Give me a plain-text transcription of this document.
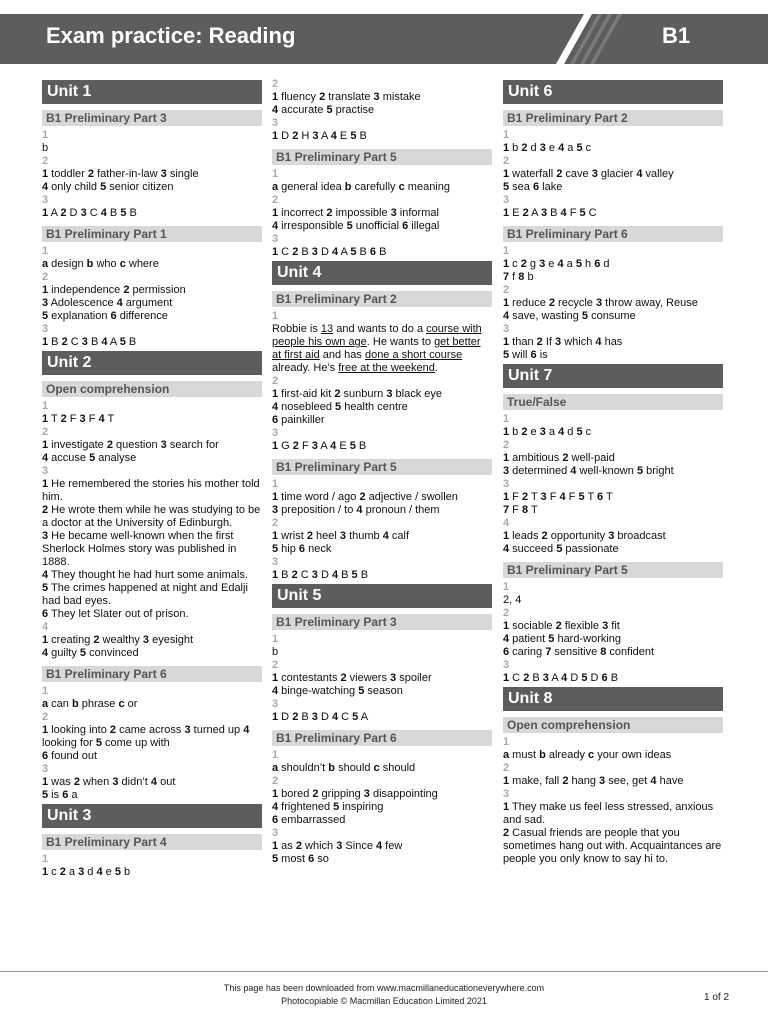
Exam practice: Reading	B1
Unit 1
B1 Preliminary Part 3
1
b
2
1 toddler 2 father-in-law 3 single
4 only child 5 senior citizen
3
1 A 2 D 3 C 4 B 5 B
B1 Preliminary Part 1
1
a design b who c where
2
1 independence 2 permission
3 Adolescence 4 argument
5 explanation 6 difference
3
1 B 2 C 3 B 4 A 5 B
Unit 2
Open comprehension
1
1 T 2 F 3 F 4 T
2
1 investigate 2 question 3 search for
4 accuse 5 analyse
3
1 He remembered the stories his mother told him.
2 He wrote them while he was studying to be a doctor at the University of Edinburgh.
3 He became well-known when the first Sherlock Holmes story was published in 1888.
4 They thought he had hurt some animals.
5 The crimes happened at night and Edalji had bad eyes.
6 They let Slater out of prison.
4
1 creating 2 wealthy 3 eyesight
4 guilty 5 convinced
B1 Preliminary Part 6
1
a can b phrase c or
2
1 looking into 2 came across 3 turned up 4 looking for 5 come up with
6 found out
3
1 was 2 when 3 didn’t 4 out
5 is 6 a
Unit 3
B1 Preliminary Part 4
1
1 c 2 a 3 d 4 e 5 b
2
1 fluency 2 translate 3 mistake
4 accurate 5 practise
3
1 D 2 H 3 A 4 E 5 B
B1 Preliminary Part 5
1
a general idea b carefully c meaning
2
1 incorrect 2 impossible 3 informal
4 irresponsible 5 unofficial 6 illegal
3
1 C 2 B 3 D 4 A 5 B 6 B
Unit 4
B1 Preliminary Part 2
1
Robbie is 13 and wants to do a course with people his own age. He wants to get better at first aid and has done a short course already. He’s free at the weekend.
2
1 first-aid kit 2 sunburn 3 black eye
4 nosebleed 5 health centre
6 painkiller
3
1 G 2 F 3 A 4 E 5 B
B1 Preliminary Part 5
1
1 time word / ago 2 adjective / swollen
3 preposition / to 4 pronoun / them
2
1 wrist 2 heel 3 thumb 4 calf
5 hip 6 neck
3
1 B 2 C 3 D 4 B 5 B
Unit 5
B1 Preliminary Part 3
1
b
2
1 contestants 2 viewers 3 spoiler
4 binge-watching 5 season
3
1 D 2 B 3 D 4 C 5 A
B1 Preliminary Part 6
1
a shouldn’t b should c should
2
1 bored 2 gripping 3 disappointing
4 frightened 5 inspiring
6 embarrassed
3
1 as 2 which 3 Since 4 few
5 most 6 so
Unit 6
B1 Preliminary Part 2
1
1 b 2 d 3 e 4 a 5 c
2
1 waterfall 2 cave 3 glacier 4 valley
5 sea 6 lake
3
1 E 2 A 3 B 4 F 5 C
B1 Preliminary Part 6
1
1 c 2 g 3 e 4 a 5 h 6 d
7 f 8 b
2
1 reduce 2 recycle 3 throw away, Reuse
4 save, wasting 5 consume
3
1 than 2 If 3 which 4 has
5 will 6 is
Unit 7
True/False
1
1 b 2 e 3 a 4 d 5 c
2
1 ambitious 2 well-paid
3 determined 4 well-known 5 bright
3
1 F 2 T 3 F 4 F 5 T 6 T
7 F 8 T
4
1 leads 2 opportunity 3 broadcast
4 succeed 5 passionate
B1 Preliminary Part 5
1
2, 4
2
1 sociable 2 flexible 3 fit
4 patient 5 hard-working
6 caring 7 sensitive 8 confident
3
1 C 2 B 3 A 4 D 5 D 6 B
Unit 8
Open comprehension
1
a must b already c your own ideas
2
1 make, fall 2 hang 3 see, get 4 have
3
1 They make us feel less stressed, anxious and sad.
2 Casual friends are people that you sometimes hang out with. Acquaintances are people you only know to say hi to.
This page has been downloaded from www.macmillaneducationeverywhere.com
Photocopiable © Macmillan Education Limited 2021	1 of 2
